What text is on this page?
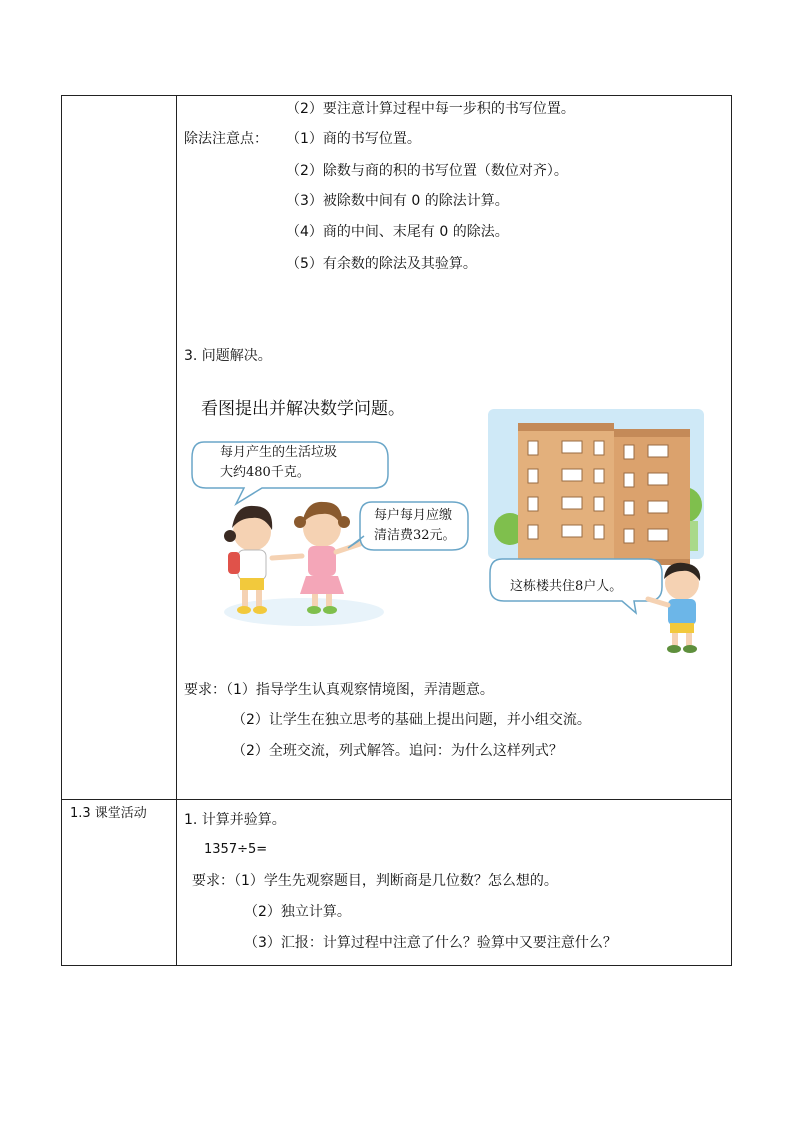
（2）要注意计算过程中每一步积的书写位置。
除法注意点： （1）商的书写位置。
（2）除数与商的积的书写位置（数位对齐）。
（3）被除数中间有 0 的除法计算。
（4）商的中间、末尾有 0 的除法。
（5）有余数的除法及其验算。
3. 问题解决。
看图提出并解决数学问题。
每月产生的生活垃圾
大约480千克。
每户每月应缴
清洁费32元。
这栋楼共住8户人。
要求：（1）指导学生认真观察情境图，弄清题意。
（2）让学生在独立思考的基础上提出问题，并小组交流。
（2）全班交流，列式解答。追问：为什么这样列式？
1.3 课堂活动	1. 计算并验算。
1357÷5=
要求：（1）学生先观察题目，判断商是几位数？怎么想的。
（2）独立计算。
（3）汇报：计算过程中注意了什么？验算中又要注意什么？
